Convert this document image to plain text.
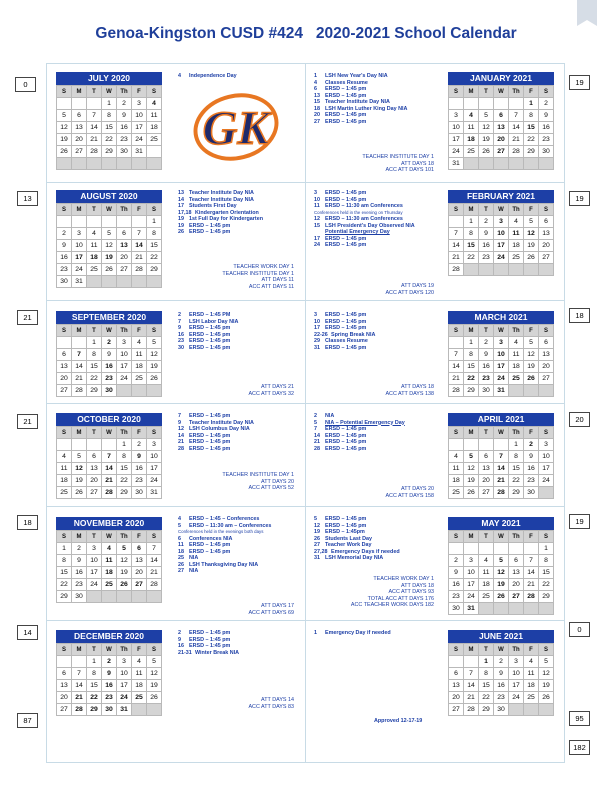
Genoa-Kingston CUSD #424   2020-2021 School Calendar
0	19
13	19
21	18
21	20
18	19
14	0
87	95
182
JULY 2020
S	M	T	W	Th	F	S
			1	2	3	4
5	6	7	8	9	10	11
12	13	14	15	16	17	18
19	20	21	22	23	24	25
26	27	28	29	30	31	

AUGUST 2020
S	M	T	W	Th	F	S
						1
2	3	4	5	6	7	8
9	10	11	12	13	14	15
16	17	18	19	20	21	22
23	24	25	26	27	28	29
30	31					
SEPTEMBER 2020
S	M	T	W	Th	F	S
		1	2	3	4	5
6	7	8	9	10	11	12
13	14	15	16	17	18	19
20	21	22	23	24	25	26
27	28	29	30			
OCTOBER 2020
S	M	T	W	Th	F	S
				1	2	3
4	5	6	7	8	9	10
11	12	13	14	15	16	17
18	19	20	21	22	23	24
25	26	27	28	29	30	31
NOVEMBER 2020
S	M	T	W	Th	F	S
1	2	3	4	5	6	7
8	9	10	11	12	13	14
15	16	17	18	19	20	21
22	23	24	25	26	27	28
29	30					
DECEMBER 2020
S	M	T	W	Th	F	S
		1	2	3	4	5
6	7	8	9	10	11	12
13	14	15	16	17	18	19
20	21	22	23	24	25	26
27	28	29	30	31		
JANUARY 2021
S	M	T	W	Th	F	S
					1	2
3	4	5	6	7	8	9
10	11	12	13	14	15	16
17	18	19	20	21	22	23
24	25	26	27	28	29	30
31						
FEBRUARY 2021
S	M	T	W	Th	F	S
	1	2	3	4	5	6
7	8	9	10	11	12	13
14	15	16	17	18	19	20
21	22	23	24	25	26	27
28						
MARCH 2021
S	M	T	W	Th	F	S
	1	2	3	4	5	6
7	8	9	10	11	12	13
14	15	16	17	18	19	20
21	22	23	24	25	26	27
28	29	30	31			
APRIL 2021
S	M	T	W	Th	F	S
				1	2	3
4	5	6	7	8	9	10
11	12	13	14	15	16	17
18	19	20	21	22	23	24
25	26	27	28	29	30	
MAY 2021
S	M	T	W	Th	F	S
						1
2	3	4	5	6	7	8
9	10	11	12	13	14	15
16	17	18	19	20	21	22
23	24	25	26	27	28	29
30	31					
JUNE 2021
S	M	T	W	Th	F	S
		1	2	3	4	5
6	7	8	9	10	11	12
13	14	15	16	17	18	19
20	21	22	23	24	25	26
27	28	29	30			
4 Independence Day
13 Teacher Institute Day NIA
14 Teacher Institute Day NIA
17 Students First Day
17,18 Kindergarten Orientation
19 1st Full Day for Kindergarten
19 ERSD – 1:45 pm
26 ERSD – 1:45 pm
2 ERSD – 1:45 PM
7 LSH Labor Day NIA
9 ERSD – 1:45 pm
16 ERSD – 1:45 pm
23 ERSD – 1:45 pm
30 ERSD – 1:45 pm
7 ERSD – 1:45 pm
9 Teacher Institute Day NIA
12 LSH Columbus Day NIA
14 ERSD – 1:45 pm
21 ERSD – 1:45 pm
28 ERSD – 1:45 pm
4 ERSD – 1:45 – Conferences
5 ERSD – 11:30 am – Conferences
Conferences held in the evenings both days
6 Conferences NIA
11 ERSD – 1:45 pm
18 ERSD – 1:45 pm
25 NIA
26 LSH Thanksgiving Day NIA
27 NIA
2 ERSD – 1:45 pm
9 ERSD – 1:45 pm
16 ERSD – 1:45 pm
21-31 Winter Break NIA
1 LSH New Year's Day NIA
4 Classes Resume
6 ERSD – 1:45 pm
13 ERSD – 1:45 pm
15 Teacher Institute Day NIA
18 LSH Martin Luther King Day NIA
20 ERSD – 1:45 pm
27 ERSD – 1:45 pm
3 ERSD – 1:45 pm
10 ERSD – 1:45 pm
11 ERSD – 11:30 am Conferences
Conferences held in the evening on Thursday
12 ERSD – 11:30 am Conferences
15 LSH President's Day Observed NIA
Potential Emergency Day
17 ERSD – 1:45 pm
24 ERSD – 1:45 pm
3 ERSD – 1:45 pm
10 ERSD – 1:45 pm
17 ERSD – 1:45 pm
22-26 Spring Break NIA
29 Classes Resume
31 ERSD – 1:45 pm
2 NIA
5 NIA – Potential Emergency Day
7 ERSD – 1:45 pm
14 ERSD – 1:45 pm
21 ERSD – 1:45 pm
28 ERSD – 1:45 pm
5 ERSD – 1:45 pm
12 ERSD – 1:45 pm
19 ERSD – 1:45pm
26 Students Last Day
27 Teacher Work Day
27,28 Emergency Days if needed
31 LSH Memorial Day NIA
1 Emergency Day if needed
TEACHER INSTITUTE DAY 1
ATT DAYS 18
ACC ATT DAYS 101
TEACHER WORK DAY 1
TEACHER INSTITUTE DAY 1
ATT DAYS 11
ACC ATT DAYS 11	ATT DAYS 19
ACC ATT DAYS 120
ATT DAYS 21
ACC ATT DAYS 32
ATT DAYS 18
ACC ATT DAYS 138
TEACHER INSTITUTE DAY 1
ATT DAYS 20
ACC ATT DAYS 52	ATT DAYS 20
ACC ATT DAYS 158
ATT DAYS 17
ACC ATT DAYS 69
TEACHER WORK DAY 1
ATT DAYS 18
ACC ATT DAYS 93
TOTAL ACC ATT DAYS 176
ACC TEACHER WORK DAYS 182
ATT DAYS 14
ACC ATT DAYS 83
Approved 12-17-19
GK
